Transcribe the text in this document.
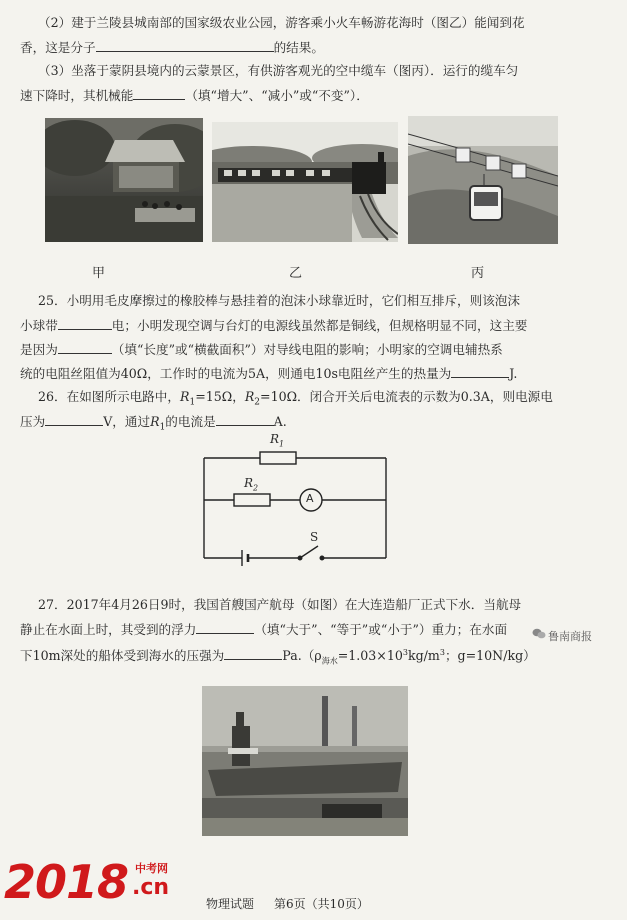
（2）建于兰陵县城南部的国家级农业公园，游客乘小火车畅游花海时（图乙）能闻到花
香，这是分子	的结果。
（3）坐落于蒙阴县境内的云蒙景区，有供游客观光的空中缆车（图丙）．运行的缆车匀
速下降时，其机械能	（填“增大”、“减小”或“不变”）．
甲	乙	丙
25．小明用毛皮摩擦过的橡胶棒与悬挂着的泡沫小球靠近时，它们相互排斥，则该泡沫
小球带	电；小明发现空调与台灯的电源线虽然都是铜线，但规格明显不同，这主要
是因为	（填“长度”或“横截面积”）对导线电阻的影响；小明家的空调电辅热系
统的电阻丝阻值为40Ω，工作时的电流为5A，则通电10s电阻丝产生的热量为	J.
26．在如图所示电路中，$R_1=15\Omega$，$R_2=10\Omega$．闭合开关后电流表的示数为0.3A，则电源电
压为	V，通过$R_1$的电流是	A.
$R_1$
$R_2$
A
S
27．2017年4月26日9时，我国首艘国产航母（如图）在大连造船厂正式下水．当航母
静止在水面上时，其受到的浮力	（填“大于”、“等于”或“小于”）重力；在水面
下10m深处的船体受到海水的压强为	$Pa.(\rho_{海水}=1.03\times 10^3kg/m^3$；g=10N/kg）
鲁南商报
2018 中考网
.cn
物理试题 第6页（共10页）
